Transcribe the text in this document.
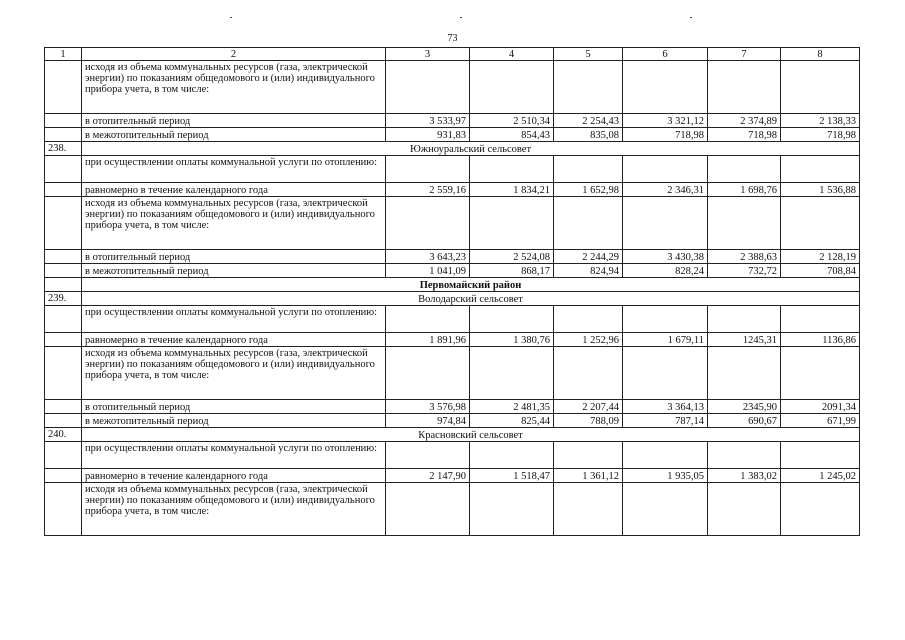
73
1	2	3	4	5	6	7	8

	исходя из объема коммунальных ресурсов (газа, электрической энергии) по показаниям общедомового и (или) индивидуального прибора учета, в том числе:						

	в отопительный период	3 533,97	2 510,34	2 254,43	3 321,12	2 374,89	2 138,33
	в межотопительный период	931,83	854,43	835,08	718,98	718,98	718,98
238.	Южноуральский сельсовет						

	при осуществлении оплаты коммунальной услуги по отоплению:						

	равномерно в течение календарного года	2 559,16	1 834,21	1 652,98	2 346,31	1 698,76	1 536,88

	исходя из объема коммунальных ресурсов (газа, электрической энергии) по показаниям общедомового и (или) индивидуального прибора учета, в том числе:						

	в отопительный период	3 643,23	2 524,08	2 244,29	3 430,38	2 388,63	2 128,19
	в межотопительный период	1 041,09	868,17	824,94	828,24	732,72	708,84
	Первомайский район						
239.	Володарский сельсовет						

	при осуществлении оплаты коммунальной услуги по отоплению:						

	равномерно в течение календарного года	1 891,96	1 380,76	1 252,96	1 679,11	1245,31	1136,86

	исходя из объема коммунальных ресурсов (газа, электрической энергии) по показаниям общедомового и (или) индивидуального прибора учета, в том числе:						

	в отопительный период	3 576,98	2 481,35	2 207,44	3 364,13	2345,90	2091,34
	в межотопительный период	974,84	825,44	788,09	787,14	690,67	671,99
240.	Красновский сельсовет						

	при осуществлении оплаты коммунальной услуги по отоплению:						

	равномерно в течение календарного года	2 147,90	1 518,47	1 361,12	1 935,05	1 383,02	1 245,02

	исходя из объема коммунальных ресурсов (газа, электрической энергии) по показаниям общедомового и (или) индивидуального прибора учета, в том числе:						
